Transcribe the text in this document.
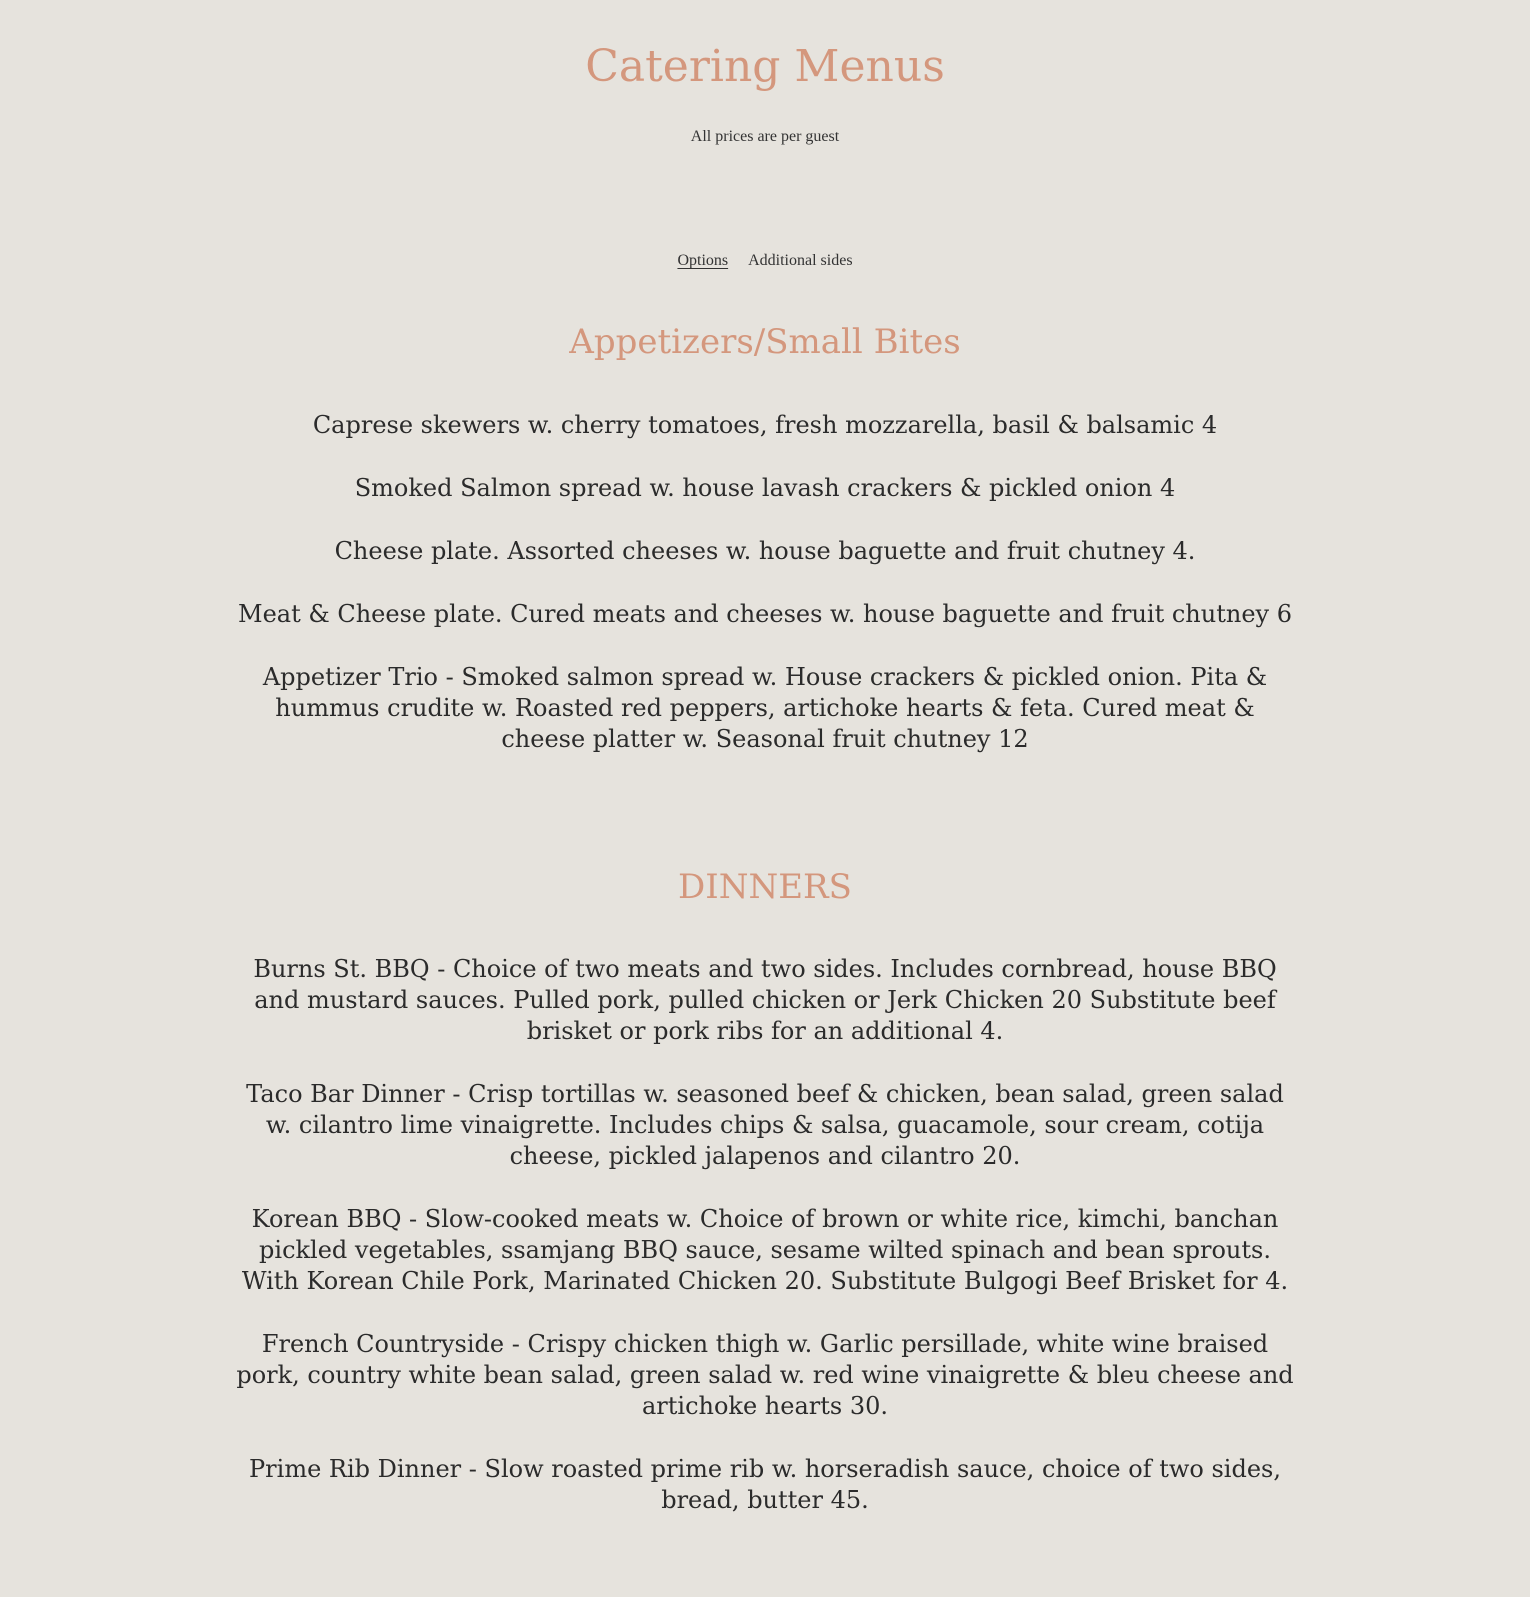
Catering Menus

All prices are per guest

Options Additional sides
Appetizers/Small Bites
Caprese skewers w. cherry tomatoes, fresh mozzarella, basil & balsamic 4
Smoked Salmon spread w. house lavash crackers & pickled onion 4
Cheese plate. Assorted cheeses w. house baguette and fruit chutney 4.
Meat & Cheese plate. Cured meats and cheeses w. house baguette and fruit chutney 6
Appetizer Trio - Smoked salmon spread w. House crackers & pickled onion. Pita & hummus crudite w. Roasted red peppers, artichoke hearts & feta. Cured meat & cheese platter w. Seasonal fruit chutney 12
DINNERS
Burns St. BBQ - Choice of two meats and two sides. Includes cornbread, house BBQ and mustard sauces. Pulled pork, pulled chicken or Jerk Chicken 20 Substitute beef brisket or pork ribs for an additional 4.
Taco Bar Dinner - Crisp tortillas w. seasoned beef & chicken, bean salad, green salad w. cilantro lime vinaigrette. Includes chips & salsa, guacamole, sour cream, cotija cheese, pickled jalapenos and cilantro 20.
Korean BBQ - Slow-cooked meats w. Choice of brown or white rice, kimchi, banchan pickled vegetables, ssamjang BBQ sauce, sesame wilted spinach and bean sprouts. With Korean Chile Pork, Marinated Chicken 20. Substitute Bulgogi Beef Brisket for 4.
French Countryside - Crispy chicken thigh w. Garlic persillade, white wine braised pork, country white bean salad, green salad w. red wine vinaigrette & bleu cheese and artichoke hearts 30.
Prime Rib Dinner - Slow roasted prime rib w. horseradish sauce, choice of two sides, bread, butter 45.
